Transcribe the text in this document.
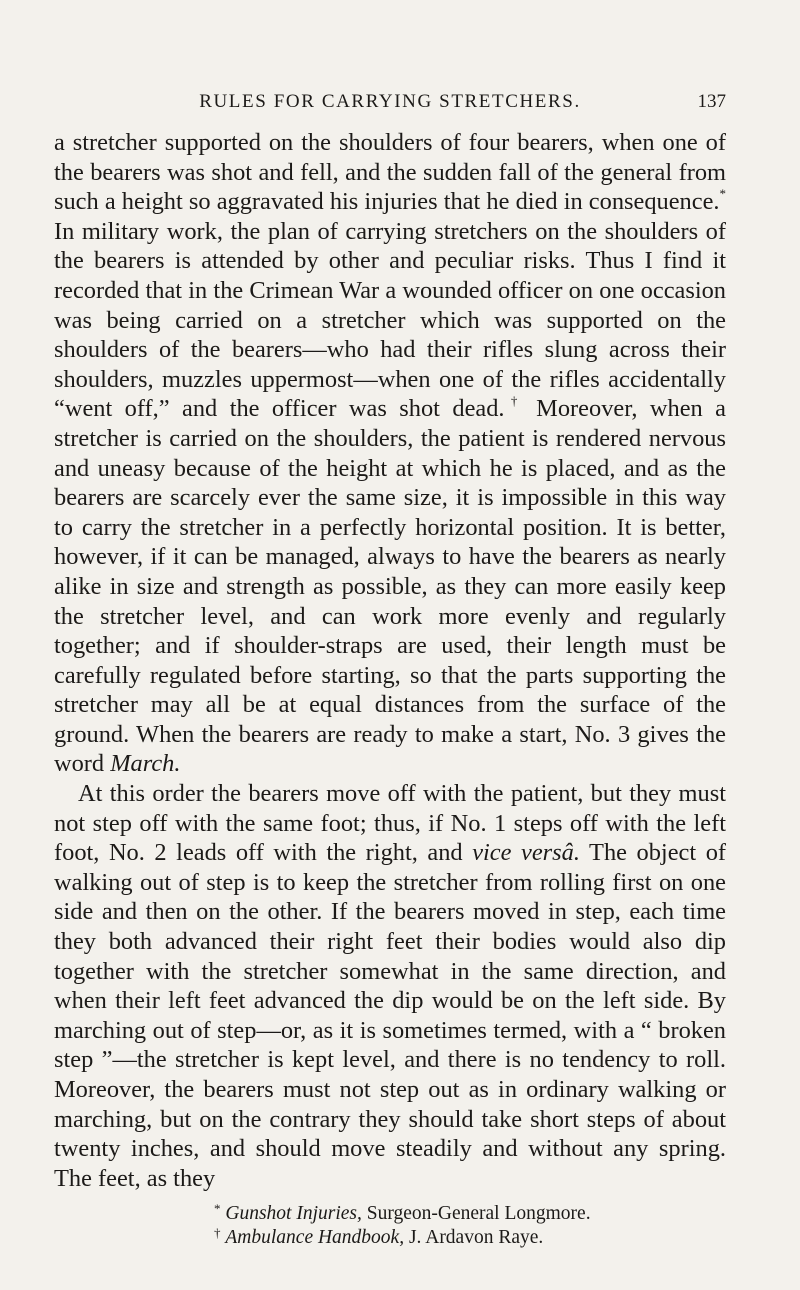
RULES FOR CARRYING STRETCHERS.	137

a stretcher supported on the shoulders of four bearers, when one of the bearers was shot and fell, and the sudden fall of the general from such a height so aggravated his injuries that he died in consequence.* In military work, the plan of carrying stretchers on the shoulders of the bearers is attended by other and peculiar risks. Thus I find it recorded that in the Crimean War a wounded officer on one occasion was being carried on a stretcher which was supported on the shoulders of the bearers—who had their rifles slung across their shoulders, muzzles uppermost—when one of the rifles accidentally “went off,” and the officer was shot dead.† Moreover, when a stretcher is carried on the shoulders, the patient is rendered nervous and uneasy because of the height at which he is placed, and as the bearers are scarcely ever the same size, it is impossible in this way to carry the stretcher in a perfectly horizontal position. It is better, however, if it can be managed, always to have the bearers as nearly alike in size and strength as possible, as they can more easily keep the stretcher level, and can work more evenly and regularly together; and if shoulder-straps are used, their length must be carefully regulated before starting, so that the parts supporting the stretcher may all be at equal distances from the surface of the ground. When the bearers are ready to make a start, No. 3 gives the word March.

At this order the bearers move off with the patient, but they must not step off with the same foot; thus, if No. 1 steps off with the left foot, No. 2 leads off with the right, and vice versâ. The object of walking out of step is to keep the stretcher from rolling first on one side and then on the other. If the bearers moved in step, each time they both advanced their right feet their bodies would also dip together with the stretcher somewhat in the same direction, and when their left feet advanced the dip would be on the left side. By marching out of step—or, as it is sometimes termed, with a “ broken step ”—the stretcher is kept level, and there is no tendency to roll. Moreover, the bearers must not step out as in ordinary walking or marching, but on the contrary they should take short steps of about twenty inches, and should move steadily and without any spring. The feet, as they

* Gunshot Injuries, Surgeon-General Longmore.
† Ambulance Handbook, J. Ardavon Raye.
